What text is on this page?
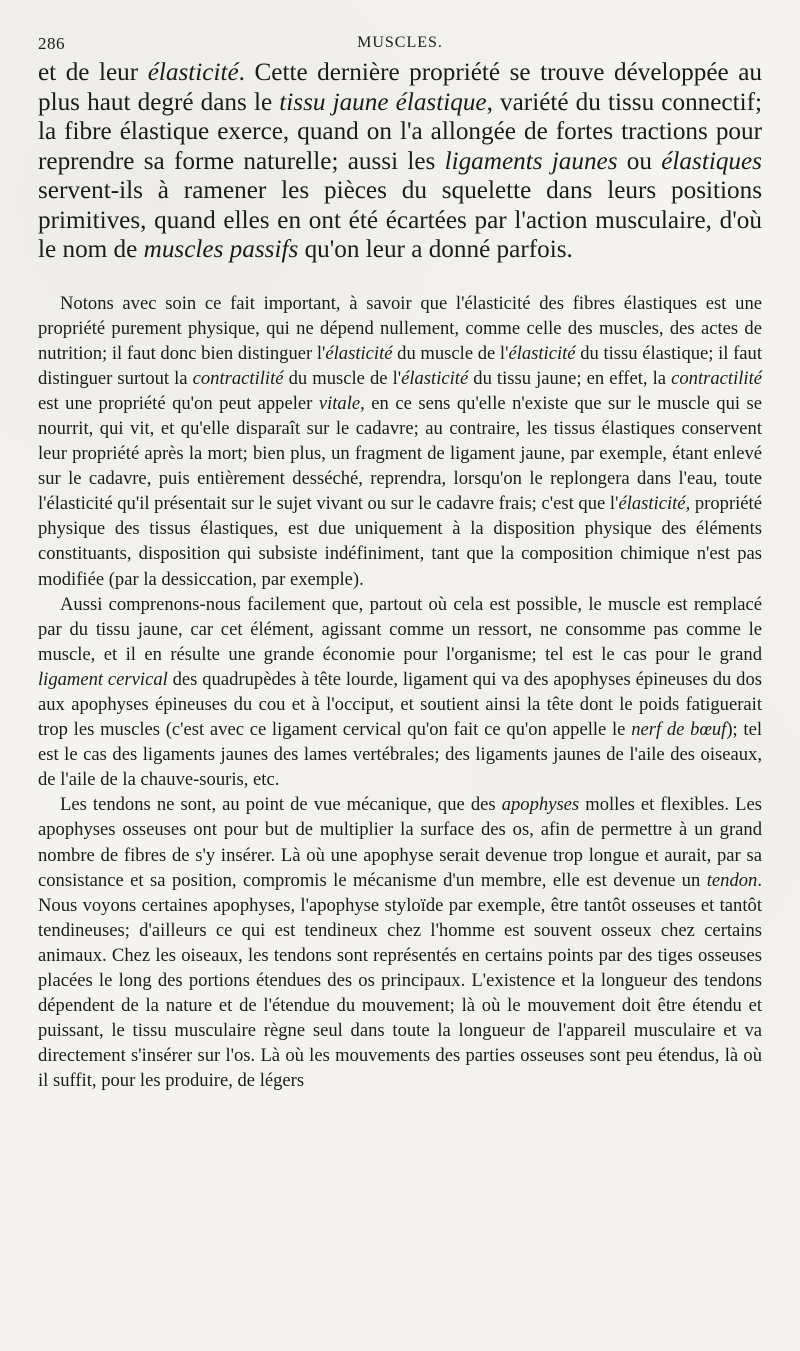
286	MUSCLES.

et de leur élasticité. Cette dernière propriété se trouve développée au plus haut degré dans le tissu jaune élastique, variété du tissu connectif; la fibre élastique exerce, quand on l'a allongée de fortes tractions pour reprendre sa forme naturelle; aussi les ligaments jaunes ou élastiques servent-ils à ramener les pièces du squelette dans leurs positions primitives, quand elles en ont été écartées par l'action musculaire, d'où le nom de muscles passifs qu'on leur a donné parfois.

Notons avec soin ce fait important, à savoir que l'élasticité des fibres élastiques est une propriété purement physique, qui ne dépend nullement, comme celle des muscles, des actes de nutrition; il faut donc bien distinguer l'élasticité du muscle de l'élasticité du tissu élastique; il faut distinguer surtout la contractilité du muscle de l'élasticité du tissu jaune; en effet, la contractilité est une propriété qu'on peut appeler vitale, en ce sens qu'elle n'existe que sur le muscle qui se nourrit, qui vit, et qu'elle disparaît sur le cadavre; au contraire, les tissus élastiques conservent leur propriété après la mort; bien plus, un fragment de ligament jaune, par exemple, étant enlevé sur le cadavre, puis entièrement desséché, reprendra, lorsqu'on le replongera dans l'eau, toute l'élasticité qu'il présentait sur le sujet vivant ou sur le cadavre frais; c'est que l'élasticité, propriété physique des tissus élastiques, est due uniquement à la disposition physique des éléments constituants, disposition qui subsiste indéfiniment, tant que la composition chimique n'est pas modifiée (par la dessiccation, par exemple).

Aussi comprenons-nous facilement que, partout où cela est possible, le muscle est remplacé par du tissu jaune, car cet élément, agissant comme un ressort, ne consomme pas comme le muscle, et il en résulte une grande économie pour l'organisme; tel est le cas pour le grand ligament cervical des quadrupèdes à tête lourde, ligament qui va des apophyses épineuses du dos aux apophyses épineuses du cou et à l'occiput, et soutient ainsi la tête dont le poids fatiguerait trop les muscles (c'est avec ce ligament cervical qu'on fait ce qu'on appelle le nerf de bœuf); tel est le cas des ligaments jaunes des lames vertébrales; des ligaments jaunes de l'aile des oiseaux, de l'aile de la chauve-souris, etc.

Les tendons ne sont, au point de vue mécanique, que des apophyses molles et flexibles. Les apophyses osseuses ont pour but de multiplier la surface des os, afin de permettre à un grand nombre de fibres de s'y insérer. Là où une apophyse serait devenue trop longue et aurait, par sa consistance et sa position, compromis le mécanisme d'un membre, elle est devenue un tendon. Nous voyons certaines apophyses, l'apophyse styloïde par exemple, être tantôt osseuses et tantôt tendineuses; d'ailleurs ce qui est tendineux chez l'homme est souvent osseux chez certains animaux. Chez les oiseaux, les tendons sont représentés en certains points par des tiges osseuses placées le long des portions étendues des os principaux. L'existence et la longueur des tendons dépendent de la nature et de l'étendue du mouvement; là où le mouvement doit être étendu et puissant, le tissu musculaire règne seul dans toute la longueur de l'appareil musculaire et va directement s'insérer sur l'os. Là où les mouvements des parties osseuses sont peu étendus, là où il suffit, pour les produire, de légers
